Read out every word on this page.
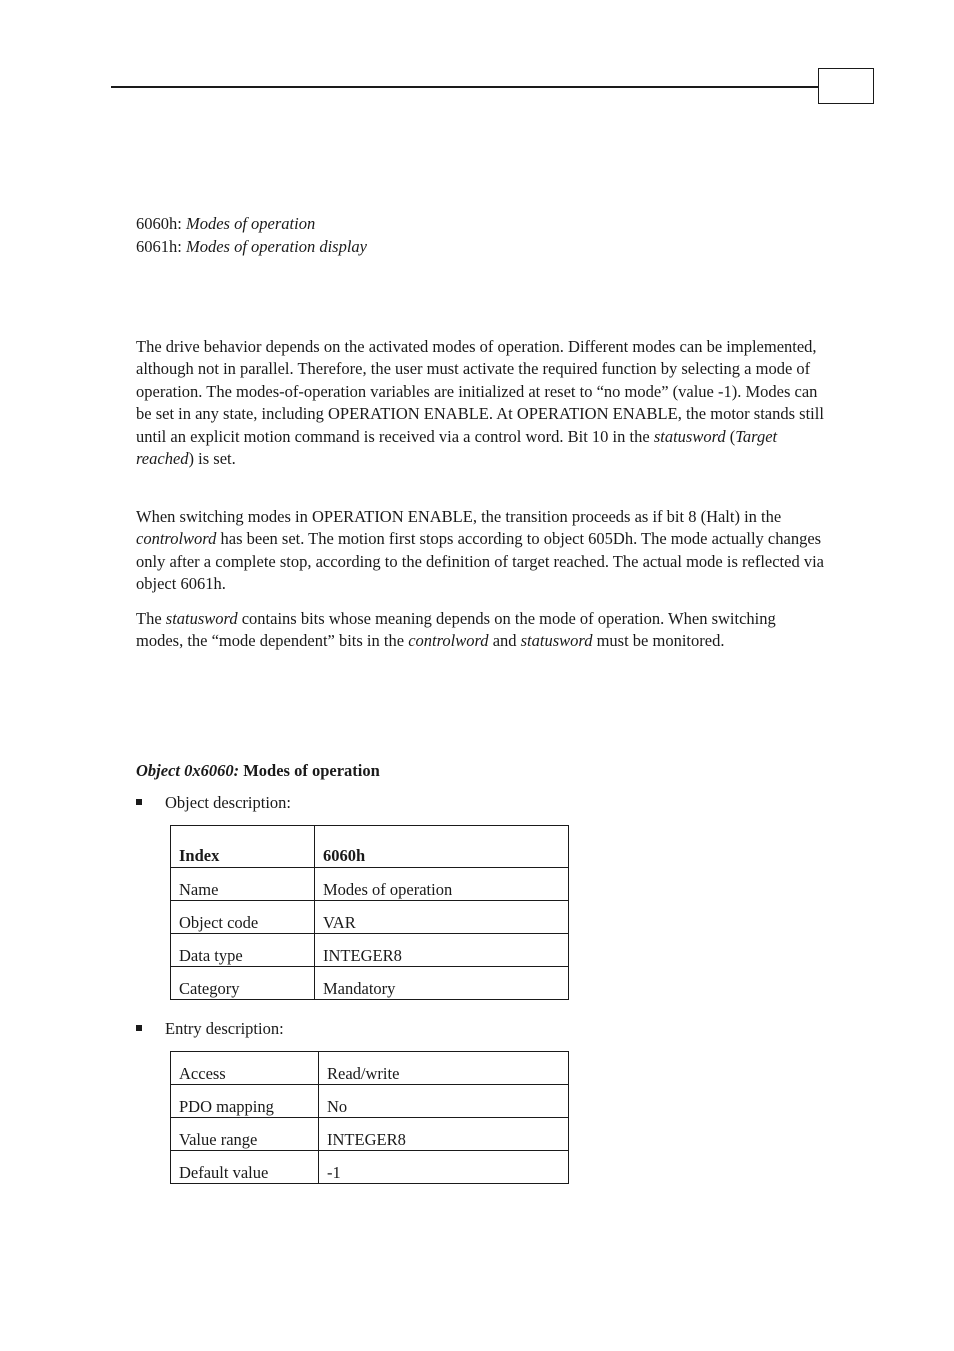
6060h: Modes of operation
6061h: Modes of operation display

The drive behavior depends on the activated modes of operation. Different modes can be implemented, although not in parallel. Therefore, the user must activate the required function by selecting a mode of operation. The modes-of-operation variables are initialized at reset to “no mode” (value -1). Modes can be set in any state, including OPERATION ENABLE. At OPERATION ENABLE, the motor stands still until an explicit motion command is received via a control word. Bit 10 in the statusword (Target reached) is set.

When switching modes in OPERATION ENABLE, the transition proceeds as if bit 8 (Halt) in the controlword has been set. The motion first stops according to object 605Dh. The mode actually changes only after a complete stop, according to the definition of target reached. The actual mode is reflected via object 6061h.

The statusword contains bits whose meaning depends on the mode of operation. When switching modes, the “mode dependent” bits in the controlword and statusword must be monitored.

Object 0x6060: Modes of operation
Object description:
Index	6060h
Name	Modes of operation
Object code	VAR
Data type	INTEGER8
Category	Mandatory
Entry description:
Access	Read/write
PDO mapping	No
Value range	INTEGER8
Default value	-1
